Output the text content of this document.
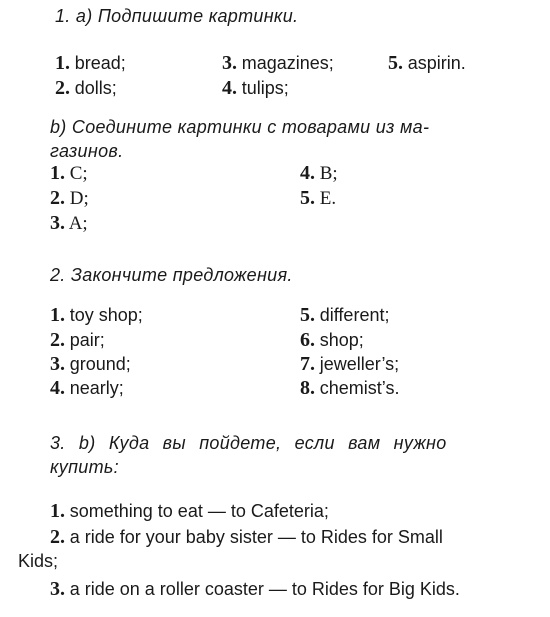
1. а) Подпишите картинки.
1. bread;
2. dolls;
3. magazines;
4. tulips;
5. aspirin.
b) Соедините картинки с товарами из ма-
газинов.
1. C;
2. D;
3. A;
4. B;
5. E.
2. Закончите предложения.
1. toy shop;
2. pair;
3. ground;
4. nearly;
5. different;
6. shop;
7. jeweller’s;
8. chemist’s.
3. b) Куда вы пойдете, если вам нужно
купить:
1. something to eat — to Cafeteria;
2. a ride for your baby sister — to Rides for Small
Kids;
3. a ride on a roller coaster — to Rides for Big Kids.
